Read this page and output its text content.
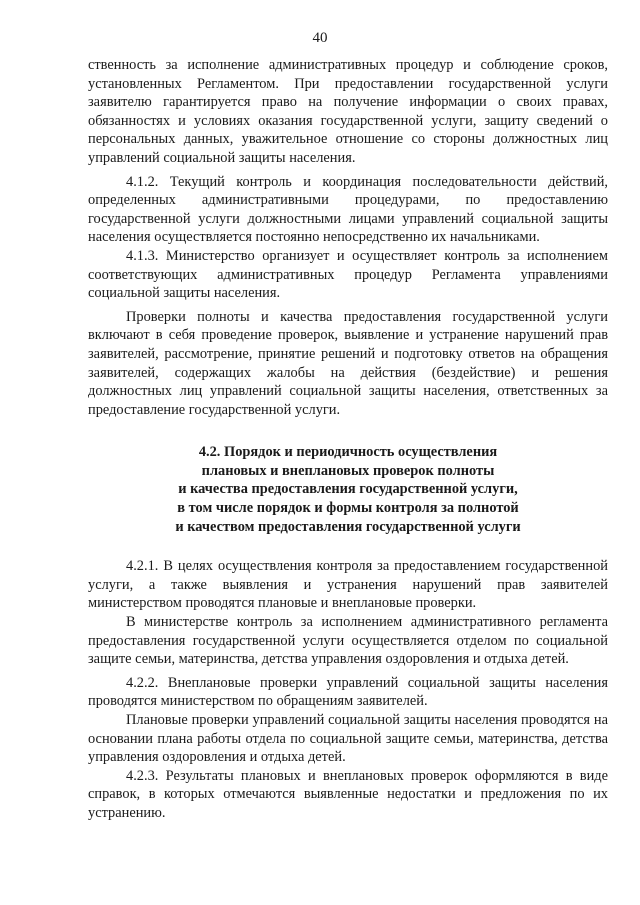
40

ственность за исполнение административных процедур и соблюдение сроков, установленных Регламентом. При предоставлении государственной услуги заявителю гарантируется право на получение информации о своих правах, обязанностях и условиях оказания государственной услуги, защиту сведений о персональных данных, уважительное отношение со стороны должностных лиц управлений социальной защиты населения.

4.1.2. Текущий контроль и координация последовательности действий, определенных административными процедурами, по предоставлению государственной услуги должностными лицами управлений социальной защиты населения осуществляется постоянно непосредственно их начальниками.

4.1.3. Министерство организует и осуществляет контроль за исполнением соответствующих административных процедур Регламента управлениями социальной защиты населения.

Проверки полноты и качества предоставления государственной услуги включают в себя проведение проверок, выявление и устранение нарушений прав заявителей, рассмотрение, принятие решений и подготовку ответов на обращения заявителей, содержащих жалобы на действия (бездействие) и решения должностных лиц управлений социальной защиты населения, ответственных за предоставление государственной услуги.

4.2. Порядок и периодичность осуществления
плановых и внеплановых проверок полноты
и качества предоставления государственной услуги,
в том числе порядок и формы контроля за полнотой
и качеством предоставления государственной услуги

4.2.1. В целях осуществления контроля за предоставлением государственной услуги, а также выявления и устранения нарушений прав заявителей министерством проводятся плановые и внеплановые проверки.

В министерстве контроль за исполнением административного регламента предоставления государственной услуги осуществляется отделом по социальной защите семьи, материнства, детства управления оздоровления и отдыха детей.

4.2.2. Внеплановые проверки управлений социальной защиты населения проводятся министерством по обращениям заявителей.

Плановые проверки управлений социальной защиты населения проводятся на основании плана работы отдела по социальной защите семьи, материнства, детства управления оздоровления и отдыха детей.

4.2.3. Результаты плановых и внеплановых проверок оформляются в виде справок, в которых отмечаются выявленные недостатки и предложения по их устранению.
